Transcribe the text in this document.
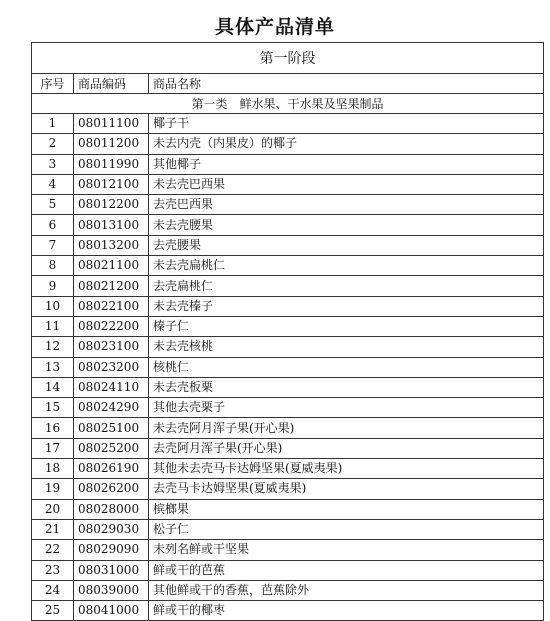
具体产品清单
第一阶段		
序号	商品编码	商品名称
第一类　鲜水果、干水果及坚果制品		
1	08011100	椰子干
2	08011200	未去内壳（内果皮）的椰子
3	08011990	其他椰子
4	08012100	未去壳巴西果
5	08012200	去壳巴西果
6	08013100	未去壳腰果
7	08013200	去壳腰果
8	08021100	未去壳扁桃仁
9	08021200	去壳扁桃仁
10	08022100	未去壳榛子
11	08022200	榛子仁
12	08023100	未去壳核桃
13	08023200	核桃仁
14	08024110	未去壳板栗
15	08024290	其他去壳栗子
16	08025100	未去壳阿月浑子果(开心果)
17	08025200	去壳阿月浑子果(开心果)
18	08026190	其他未去壳马卡达姆坚果(夏威夷果)
19	08026200	去壳马卡达姆坚果(夏威夷果)
20	08028000	槟榔果
21	08029030	松子仁
22	08029090	未列名鲜或干坚果
23	08031000	鲜或干的芭蕉
24	08039000	其他鲜或干的香蕉，芭蕉除外
25	08041000	鲜或干的椰枣
